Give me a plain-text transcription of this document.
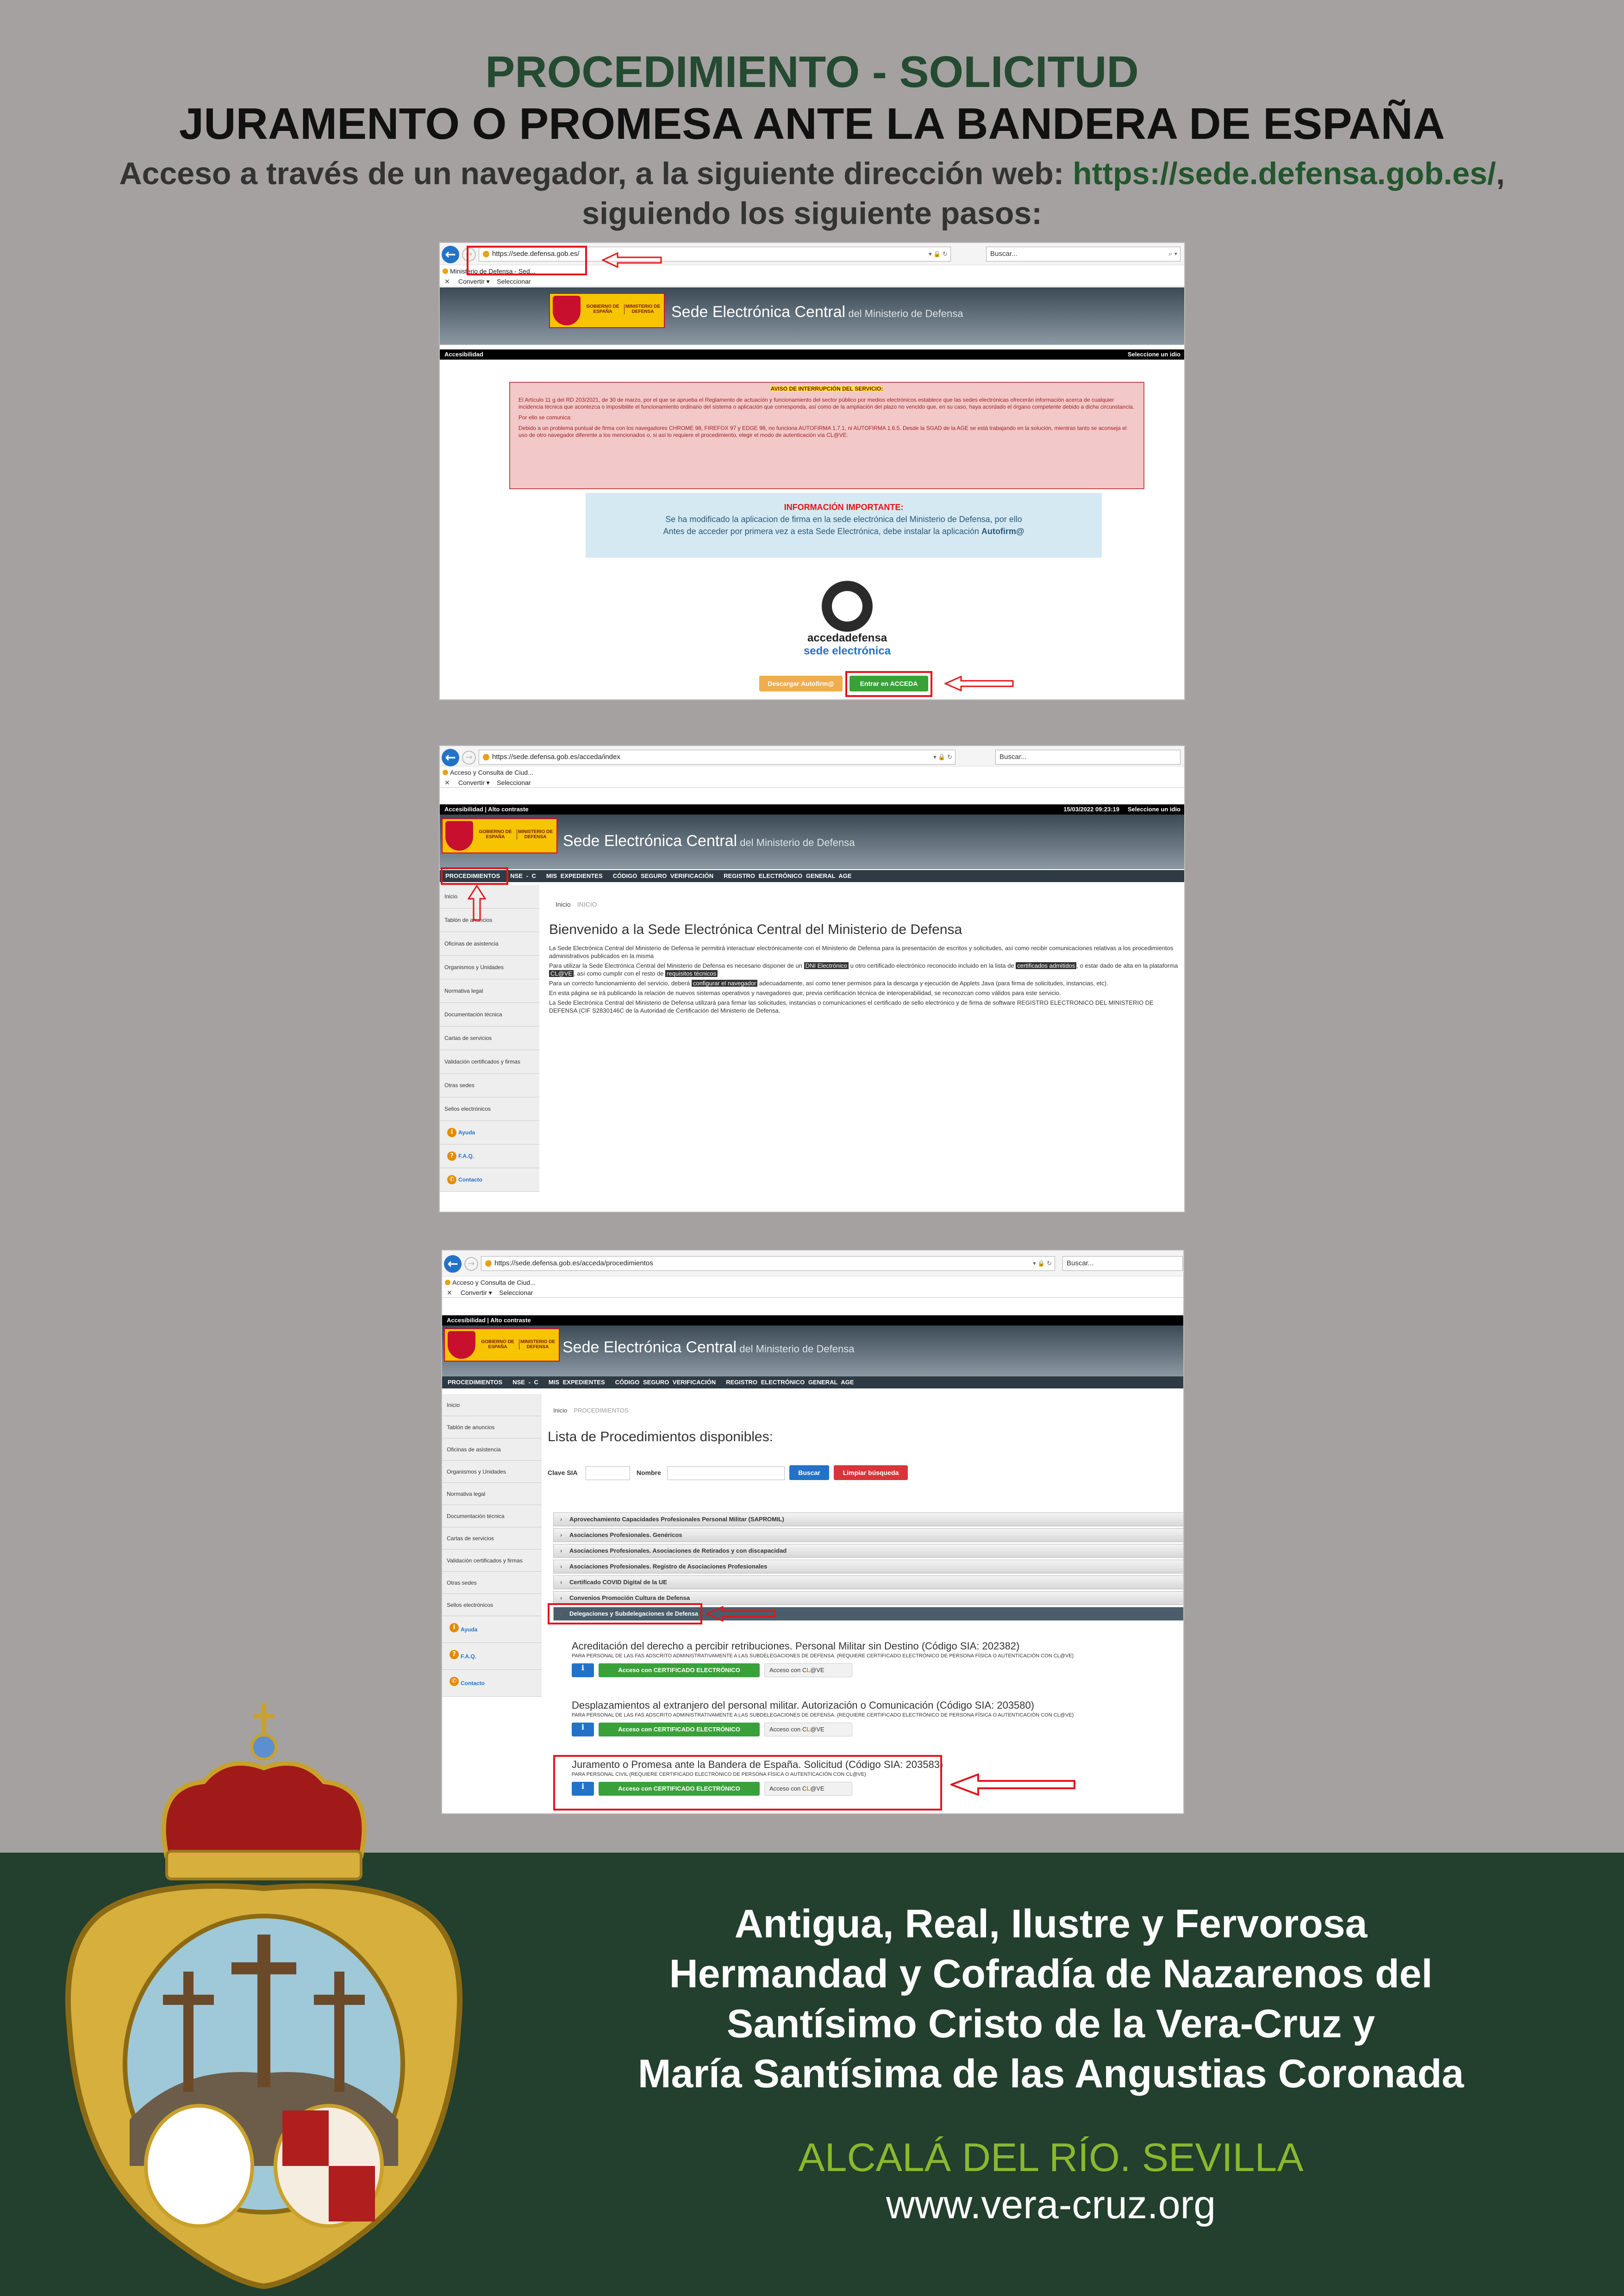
PROCEDIMIENTO - SOLICITUD
JURAMENTO O PROMESA ANTE LA BANDERA DE ESPAÑA
Acceso a través de un navegador, a la siguiente dirección web: https://sede.defensa.gob.es/,
siguiendo los siguiente pasos:
←	→	https://sede.defensa.gob.es/	▾ 🔒 ↻	Buscar...	⌕ ▾
Ministerio de Defensa - Sed...
✕ Convertir ▾    Seleccionar
GOBIERNO DE ESPAÑA
MINISTERIO DE DEFENSA	Sede Electrónica Central del Ministerio de Defensa
Accesibilidad	Seleccione un idio
AVISO DE INTERRUPCIÓN DEL SERVICIO:

El Artículo 11 g del RD 203/2021, de 30 de marzo, por el que se aprueba el Reglamento de actuación y funcionamiento del sector público por medios electrónicos establece que las sedes electrónicas ofrecerán información acerca de cualquier incidencia técnica que acontezca o imposibilite el funcionamiento ordinario del sistema o aplicación que corresponda, así como de la ampliación del plazo no vencido que, en su caso, haya acordado el órgano competente debido a dicha circunstancia.

Por ello se comunica:

Debido a un problema puntual de firma con los navegadores CHROME 98, FIREFOX 97 y EDGE 98, no funciona AUTOFIRMA 1.7.1, ni AUTOFIRMA 1.6.5. Desde la SGAD de la AGE se está trabajando en la solución, mientras tanto se aconseja el uso de otro navegador diferente a los mencionados o, si así lo requiere el procedimiento, elegir el modo de autenticación vía CL@VE.

INFORMACIÓN IMPORTANTE:
Se ha modificado la aplicacion de firma en la sede electrónica del Ministerio de Defensa, por ello
Antes de acceder por primera vez a esta Sede Electrónica, debe instalar la aplicación Autofirm@
accedadefensa
sede electrónica
Descargar Autofirm@	Entrar en ACCEDA
←	→	https://sede.defensa.gob.es/acceda/index	▾ 🔒 ↻	Buscar...
Acceso y Consulta de Ciud...
✕ Convertir ▾    Seleccionar
Accesibilidad | Alto contraste	15/03/2022 09:23:19 Seleccione un idio
GOBIERNO DE ESPAÑA
MINISTERIO DE DEFENSA	Sede Electrónica Central del Ministerio de Defensa
PROCEDIMIENTOS NSE - C MIS EXPEDIENTES CÓDIGO SEGURO VERIFICACIÓN REGISTRO ELECTRÓNICO GENERAL AGE
Inicio
Tablón de anuncios
Oficinas de asistencia
Organismos y Unidades
Normativa legal
Documentación técnica
Cartas de servicios
Validación certificados y firmas
Otras sedes
Sellos electrónicos
i Ayuda
? F.A.Q.
✆ Contacto
Inicio INICIO
Bienvenido a la Sede Electrónica Central del Ministerio de Defensa
La Sede Electrónica Central del Ministerio de Defensa le permitirá interactuar electrónicamente con el Ministerio de Defensa para la presentación de escritos y solicitudes, así como recibir comunicaciones relativas a los procedimientos administrativos publicados en la misma
Para utilizar la Sede Electrónica Central del Ministerio de Defensa es necesario disponer de un DNI Electrónico u otro certificado electrónico reconocido incluido en la lista de certificados admitidos , o estar dado de alta en la plataforma CL@VE , así como cumplir con el resto de requisitos técnicos
Para un correcto funcionamiento del servicio, deberá configurar el navegador adecuadamente, así como tener permisos para la descarga y ejecución de Applets Java (para firma de solicitudes, instancias, etc).
En esta página se irá publicando la relación de nuevos sistemas operativos y navegadores que, previa certificación técnica de interoperabilidad, se reconozcan como válidos para este servicio.
La Sede Electrónica Central del Ministerio de Defensa utilizará para firmar las solicitudes, instancias o comunicaciones el certificado de sello electrónico y de firma de software REGISTRO ELECTRONICO DEL MINISTERIO DE DEFENSA (CIF S2830146C de la Autoridad de Certificación del Ministerio de Defensa.
←	→	https://sede.defensa.gob.es/acceda/procedimientos	▾ 🔒 ↻	Buscar...
Acceso y Consulta de Ciud...
✕ Convertir ▾    Seleccionar
Accesibilidad | Alto contraste
GOBIERNO DE ESPAÑA
MINISTERIO DE DEFENSA Sede Electrónica Central del Ministerio de Defensa
PROCEDIMIENTOS NSE - C MIS EXPEDIENTES CÓDIGO SEGURO VERIFICACIÓN REGISTRO ELECTRÓNICO GENERAL AGE
Inicio
Tablón de anuncios
Oficinas de asistencia
Organismos y Unidades
Normativa legal
Documentación técnica
Cartas de servicios
Validación certificados y firmas
Otras sedes
Sellos electrónicos
i Ayuda
? F.A.Q.
✆ Contacto
Inicio PROCEDIMIENTOS
Lista de Procedimientos disponibles:
Clave SIA	Nombre	Buscar	Limpiar búsqueda
› Aprovechamiento Capacidades Profesionales Personal Militar (SAPROMIL)
› Asociaciones Profesionales. Genéricos
› Asociaciones Profesionales. Asociaciones de Retirados y con discapacidad
› Asociaciones Profesionales. Registro de Asociaciones Profesionales
› Certificado COVID Digital de la UE
› Convenios Promoción Cultura de Defensa
› Delegaciones y Subdelegaciones de Defensa
Acreditación del derecho a percibir retribuciones. Personal Militar sin Destino (Código SIA: 202382)
PARA PERSONAL DE LAS FAS ADSCRITO ADMINISTRATIVAMENTE A LAS SUBDELEGACIONES DE DEFENSA. (REQUIERE CERTIFICADO ELECTRÓNICO DE PERSONA FÍSICA O AUTENTICACIÓN CON CL@VE)
i	Acceso con CERTIFICADO ELECTRÓNICO	Acceso con CL@VE
Desplazamientos al extranjero del personal militar. Autorización o Comunicación (Código SIA: 203580)
PARA PERSONAL DE LAS FAS ADSCRITO ADMINISTRATIVAMENTE A LAS SUBDELEGACIONES DE DEFENSA. (REQUIERE CERTIFICADO ELECTRÓNICO DE PERSONA FÍSICA O AUTENTICACIÓN CON CL@VE)
i	Acceso con CERTIFICADO ELECTRÓNICO	Acceso con CL@VE
Juramento o Promesa ante la Bandera de España. Solicitud (Código SIA: 203583)
PARA PERSONAL CIVIL (REQUIERE CERTIFICADO ELECTRÓNICO DE PERSONA FÍSICA O AUTENTICACIÓN CON CL@VE)
i	Acceso con CERTIFICADO ELECTRÓNICO	Acceso con CL@VE
Antigua, Real, Ilustre y Fervorosa
Hermandad y Cofradía de Nazarenos del
Santísimo Cristo de la Vera-Cruz y
María Santísima de las Angustias Coronada
ALCALÁ DEL RÍO. SEVILLA
www.vera-cruz.org
